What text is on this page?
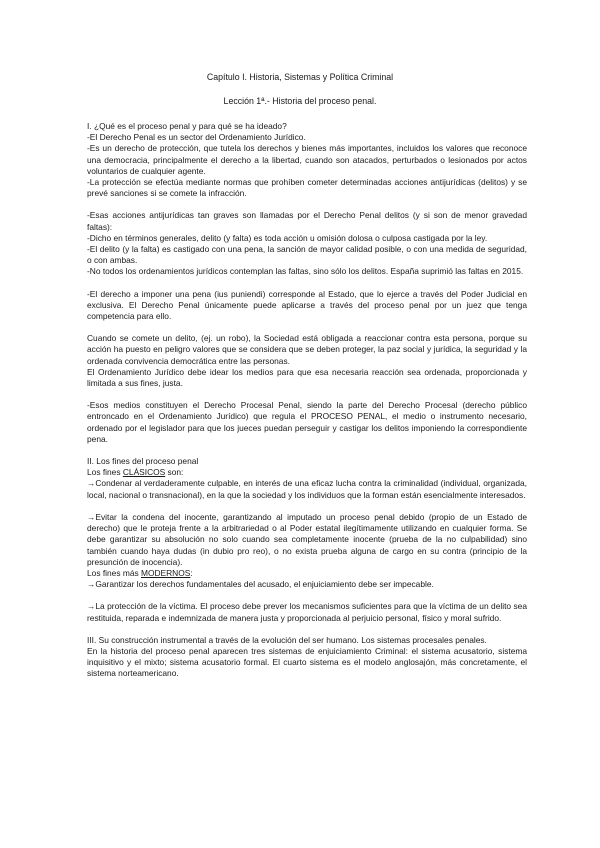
Capítulo I. Historia, Sistemas y Política Criminal
Lección 1ª.- Historia del proceso penal.

I. ¿Qué es el proceso penal y para qué se ha ideado?

-El Derecho Penal es un sector del Ordenamiento Jurídico.

-Es un derecho de protección, que tutela los derechos y bienes más importantes, incluidos los valores que reconoce una democracia, principalmente el derecho a la libertad, cuando son atacados, perturbados o lesionados por actos voluntarios de cualquier agente.

-La protección se efectúa mediante normas que prohíben cometer determinadas acciones antijurídicas (delitos) y se prevé sanciones si se comete la infracción.

-Esas acciones antijurídicas tan graves son llamadas por el Derecho Penal delitos (y si son de menor gravedad faltas):

-Dicho en términos generales, delito (y falta) es toda acción u omisión dolosa o culposa castigada por la ley.

-El delito (y la falta) es castigado con una pena, la sanción de mayor calidad posible, o con una medida de seguridad, o con ambas.

-No todos los ordenamientos jurídicos contemplan las faltas, sino sólo los delitos. España suprimió las faltas en 2015.

-El derecho a imponer una pena (ius puniendi) corresponde al Estado, que lo ejerce a través del Poder Judicial en exclusiva. El Derecho Penal únicamente puede aplicarse a través del proceso penal por un juez que tenga competencia para ello.

Cuando se comete un delito, (ej. un robo), la Sociedad está obligada a reaccionar contra esta persona, porque su acción ha puesto en peligro valores que se considera que se deben proteger, la paz social y jurídica, la seguridad y la ordenada convivencia democrática entre las personas.

El Ordenamiento Jurídico debe idear los medios para que esa necesaria reacción sea ordenada, proporcionada y limitada a sus fines, justa.

-Esos medios constituyen el Derecho Procesal Penal, siendo la parte del Derecho Procesal (derecho público entroncado en el Ordenamiento Jurídico) que regula el PROCESO PENAL, el medio o instrumento necesario, ordenado por el legislador para que los jueces puedan perseguir y castigar los delitos imponiendo la correspondiente pena.

II. Los fines del proceso penal

Los fines CLÁSICOS son:

→Condenar al verdaderamente culpable, en interés de una eficaz lucha contra la criminalidad (individual, organizada, local, nacional o transnacional), en la que la sociedad y los individuos que la forman están esencialmente interesados.

→Evitar la condena del inocente, garantizando al imputado un proceso penal debido (propio de un Estado de derecho) que le proteja frente a la arbitrariedad o al Poder estatal ilegítimamente utilizando en cualquier forma. Se debe garantizar su absolución no solo cuando sea completamente inocente (prueba de la no culpabilidad) sino también cuando haya dudas (in dubio pro reo), o no exista prueba alguna de cargo en su contra (principio de la presunción de inocencia).

Los fines más MODERNOS:

→Garantizar los derechos fundamentales del acusado, el enjuiciamiento debe ser impecable.

→La protección de la víctima. El proceso debe prever los mecanismos suficientes para que la víctima de un delito sea restituida, reparada e indemnizada de manera justa y proporcionada al perjuicio personal, físico y moral sufrido.

III. Su construcción instrumental a través de la evolución del ser humano. Los sistemas procesales penales.

En la historia del proceso penal aparecen tres sistemas de enjuiciamiento Criminal: el sistema acusatorio, sistema inquisitivo y el mixto; sistema acusatorio formal. El cuarto sistema es el modelo anglosajón, más concretamente, el sistema norteamericano.
